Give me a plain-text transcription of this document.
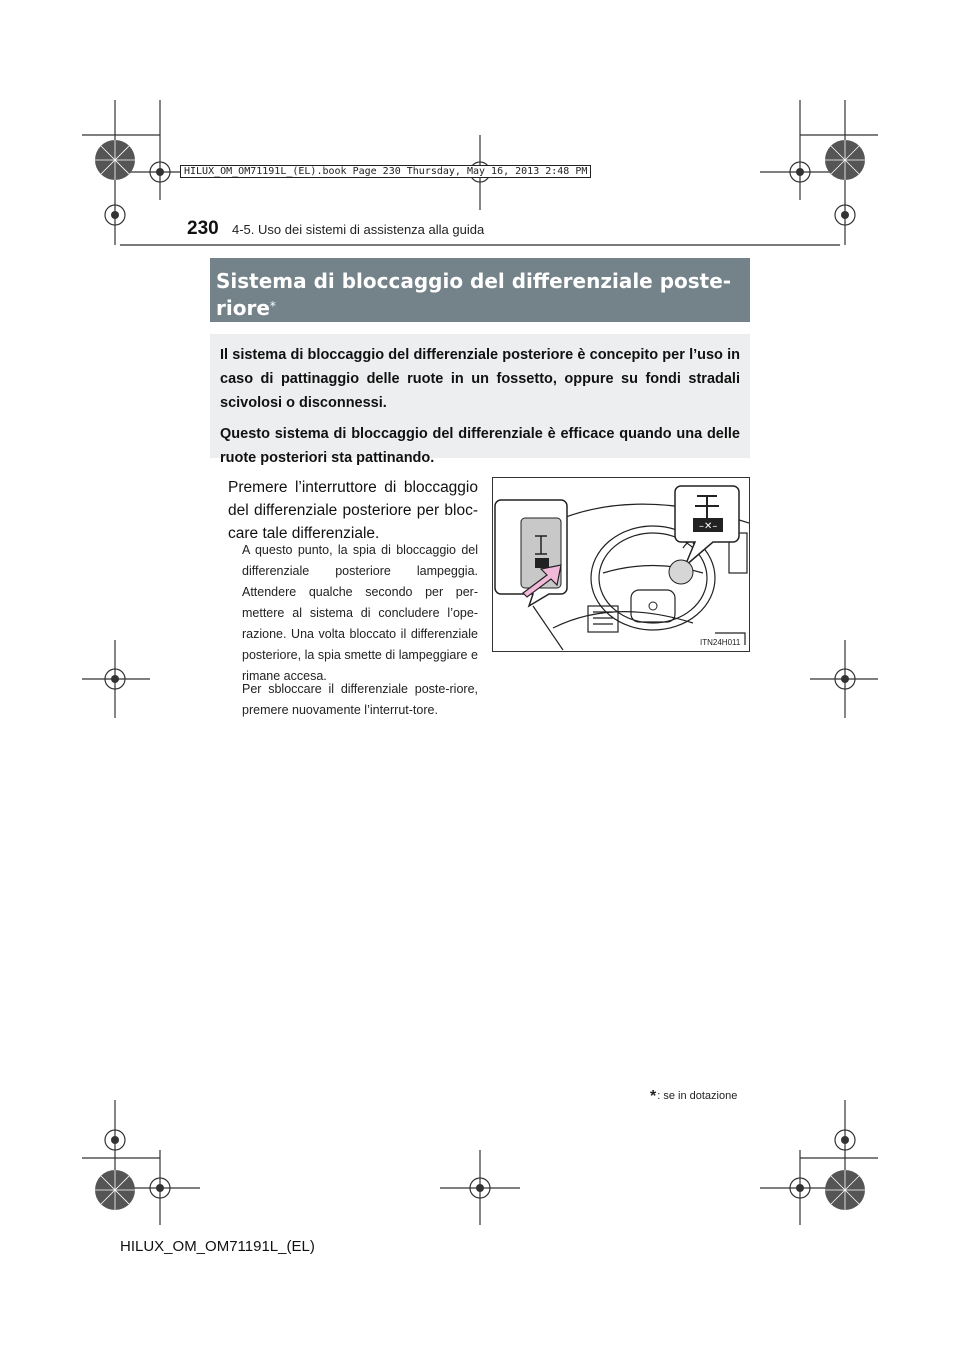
HILUX_OM_OM71191L_(EL).book Page 230 Thursday, May 16, 2013 2:48 PM
230 4-5. Uso dei sistemi di assistenza alla guida
Sistema di bloccaggio del differenziale poste-
riore*

Il sistema di bloccaggio del differenziale posteriore è concepito per l’uso in caso di pattinaggio delle ruote in un fossetto, oppure su fondi stradali scivolosi o disconnessi.

Questo sistema di bloccaggio del differenziale è efficace quando una delle ruote posteriori sta pattinando.

Premere l’interruttore di bloccaggio del differenziale posteriore per bloc-care tale differenziale.
A questo punto, la spia di bloccaggio del differenziale posteriore lampeggia. Attendere qualche secondo per per-mettere al sistema di concludere l’ope-razione. Una volta bloccato il differenziale posteriore, la spia smette di lampeggiare e rimane accesa.
Per sbloccare il differenziale poste-riore, premere nuovamente l’interrut-tore.
–✕–
ITN24H011
*: se in dotazione
HILUX_OM_OM71191L_(EL)
